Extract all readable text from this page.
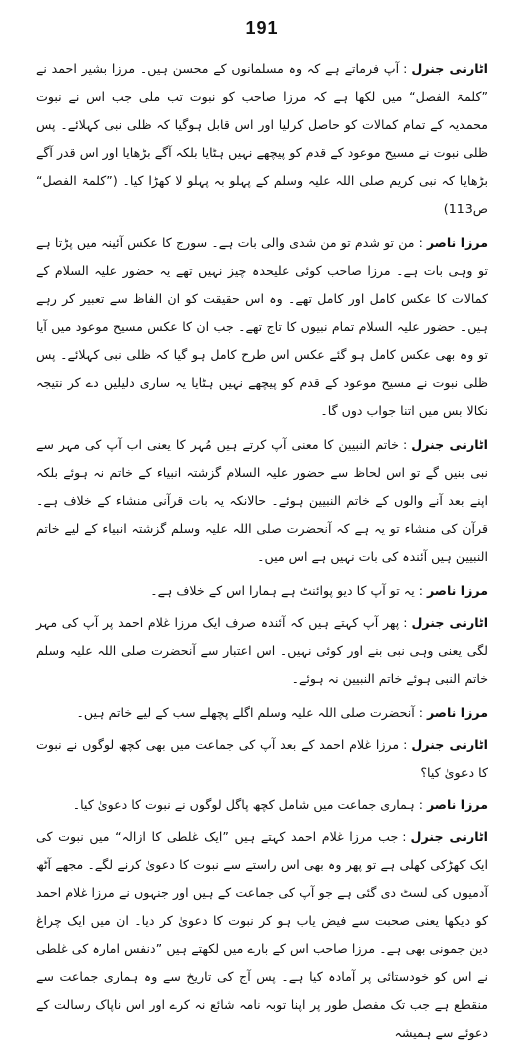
191

اٹارنی جنرل:آپ فرماتے ہے کہ وہ مسلمانوں کے محسن ہیں۔ مرزا بشیر احمد نے ”کلمۃ الفصل“ میں لکھا ہے کہ مرزا صاحب کو نبوت تب ملی جب اس نے نبوت محمدیہ کے تمام کمالات کو حاصل کرلیا اور اس قابل ہوگیا کہ ظلی نبی کہلائے۔ پس ظلی نبوت نے مسیح موعود کے قدم کو پیچھے نہیں ہٹایا بلکہ آگے بڑھایا اور اس قدر آگے بڑھایا کہ نبی کریم صلی اللہ علیہ وسلم کے پہلو بہ پہلو لا کھڑا کیا۔ (”کلمۃ الفصل“ ص113)

مرزا ناصر:من تو شدم تو من شدی والی بات ہے۔ سورج کا عکس آئینہ میں پڑتا ہے تو وہی بات ہے۔ مرزا صاحب کوئی علیحدہ چیز نہیں تھے یہ حضور علیہ السلام کے کمالات کا عکس کامل اور کامل تھے۔ وہ اس حقیقت کو ان الفاظ سے تعبیر کر رہے ہیں۔ حضور علیہ السلام تمام نبیوں کا تاج تھے۔ جب ان کا عکس مسیح موعود میں آیا تو وہ بھی عکس کامل ہو گئے عکس اس طرح کامل ہو گیا کہ ظلی نبی کہلائے۔ پس ظلی نبوت نے مسیح موعود کے قدم کو پیچھے نہیں ہٹایا یہ ساری دلیلیں دے کر نتیجہ نکالا بس میں اتنا جواب دوں گا۔

اٹارنی جنرل:خاتم النبیین کا معنی آپ کرتے ہیں مُہر کا یعنی اب آپ کی مہر سے نبی بنیں گے تو اس لحاظ سے حضور علیہ السلام گزشتہ انبیاء کے خاتم نہ ہوئے بلکہ اپنے بعد آنے والوں کے خاتم النبیین ہوئے۔ حالانکہ یہ بات قرآنی منشاء کے خلاف ہے۔ قرآن کی منشاء تو یہ ہے کہ آنحضرت صلی اللہ علیہ وسلم گزشتہ انبیاء کے لیے خاتم النبیین ہیں آئندہ کی بات نہیں ہے اس میں۔

مرزا ناصر:یہ تو آپ کا دیو پوائنٹ ہے ہمارا اس کے خلاف ہے۔

اٹارنی جنرل:پھر آپ کہتے ہیں کہ آئندہ صرف ایک مرزا غلام احمد پر آپ کی مہر لگی یعنی وہی نبی بنے اور کوئی نہیں۔ اس اعتبار سے آنحضرت صلی اللہ علیہ وسلم خاتم النبی ہوئے خاتم النبیین نہ ہوئے۔

مرزا ناصر:آنحضرت صلی اللہ علیہ وسلم اگلے پچھلے سب کے لیے خاتم ہیں۔

اٹارنی جنرل:مرزا غلام احمد کے بعد آپ کی جماعت میں بھی کچھ لوگوں نے نبوت کا دعویٰ کیا؟

مرزا ناصر:ہماری جماعت میں شامل کچھ پاگل لوگوں نے نبوت کا دعویٰ کیا۔

اٹارنی جنرل:جب مرزا غلام احمد کہتے ہیں ”ایک غلطی کا ازالہ“ میں نبوت کی ایک کھڑکی کھلی ہے تو پھر وہ بھی اس راستے سے نبوت کا دعویٰ کرنے لگے۔ مجھے آٹھ آدمیوں کی لسٹ دی گئی ہے جو آپ کی جماعت کے ہیں اور جنہوں نے مرزا غلام احمد کو دیکھا یعنی صحبت سے فیض یاب ہو کر نبوت کا دعویٰ کر دیا۔ ان میں ایک چراغ دین جمونی بھی ہے۔ مرزا صاحب اس کے بارے میں لکھتے ہیں ”دنفس امارہ کی غلطی نے اس کو خودستائی پر آمادہ کیا ہے۔ پس آج کی تاریخ سے وہ ہماری جماعت سے منقطع ہے جب تک مفصل طور پر اپنا توبہ نامہ شائع نہ کرے اور اس ناپاک رسالت کے دعوئے سے ہمیشہ
